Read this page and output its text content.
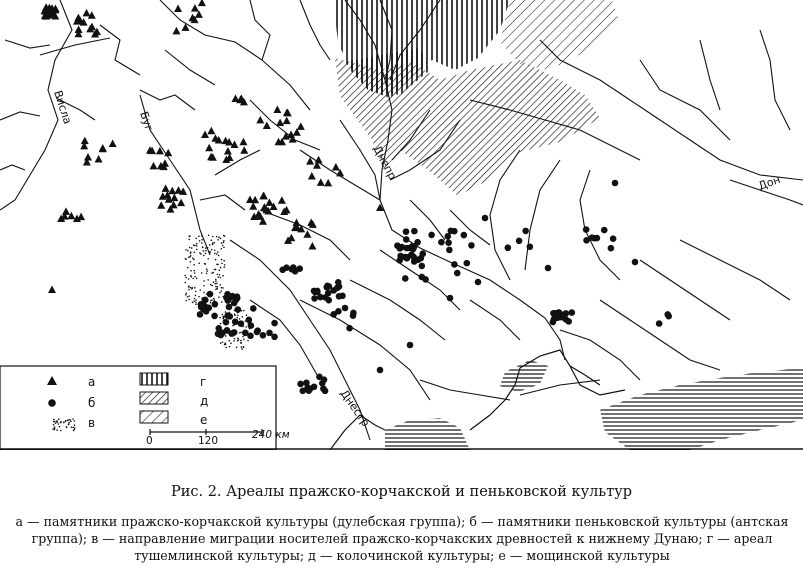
Висла	Буг
Днепр
Дон
Днестр
а
б
в
г
д
е
0	120	240 км
Рис. 2. Ареалы пражско-корчакской и пеньковской культур
а — памятники пражско-корчакской культуры (дулебская группа); б — памятники пеньковской культуры (антская группа); в — направление миграции носителей пражско-корчакских древностей к нижнему Дунаю; г — ареал тушемлинской культуры; д — колочинской культуры; е — мощинской культуры
